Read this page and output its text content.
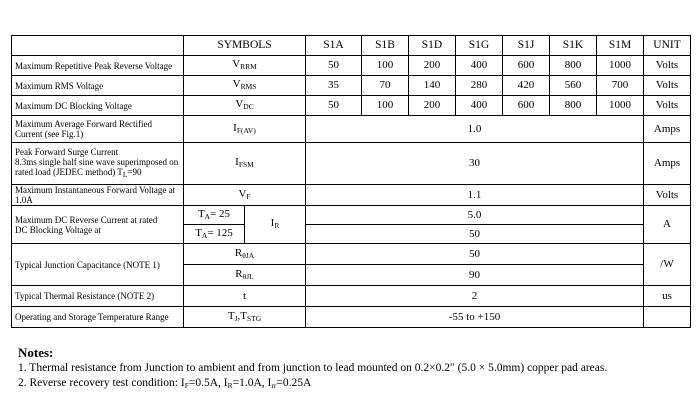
	SYMBOLS		S1A	S1B	S1D	S1G	S1J	S1K	S1M	UNIT
Maximum Repetitive Peak Reverse Voltage	$V_{RRM}$		50	100	200	400	600	800	1000	Volts
Maximum RMS Voltage	$V_{RMS}$		35	70	140	280	420	560	700	Volts
Maximum DC Blocking Voltage	$V_{DC}$		50	100	200	400	600	800	1000	Volts
Maximum Average Forward Rectified
Current (see Fig.1)	$I_{F(AV)}$		1.0							Amps
Peak Forward Surge Current
8.3ms single half sine wave superimposed on
rated load (JEDEC method) $T_L=90$	$I_{FSM}$		30							Amps
Maximum Instantaneous Forward Voltage at 1.0A	$V_F$		1.1							Volts
Maximum DC Reverse Current at rated
DC Blocking Voltage at	$T_A= 25$	$I_R$	5.0							A
	$T_A= 125$		50							
Typical Junction Capacitance (NOTE 1)	$R_{\theta JA}$		50							/W
	$R_{\theta JL}$		90							
Typical Thermal Resistance (NOTE 2)	t		2							us
Operating and Storage Temperature Range	$T_J,T_{STG}$		-55 to +150							
Notes:
1. Thermal resistance from Junction to ambient and from junction to lead mounted on 0.2×0.2″ (5.0 × 5.0mm) copper pad areas.
2. Reverse recovery test condition: $I_F=0.5A$, $I_R=1.0A$, $I_{rr}=0.25A$
